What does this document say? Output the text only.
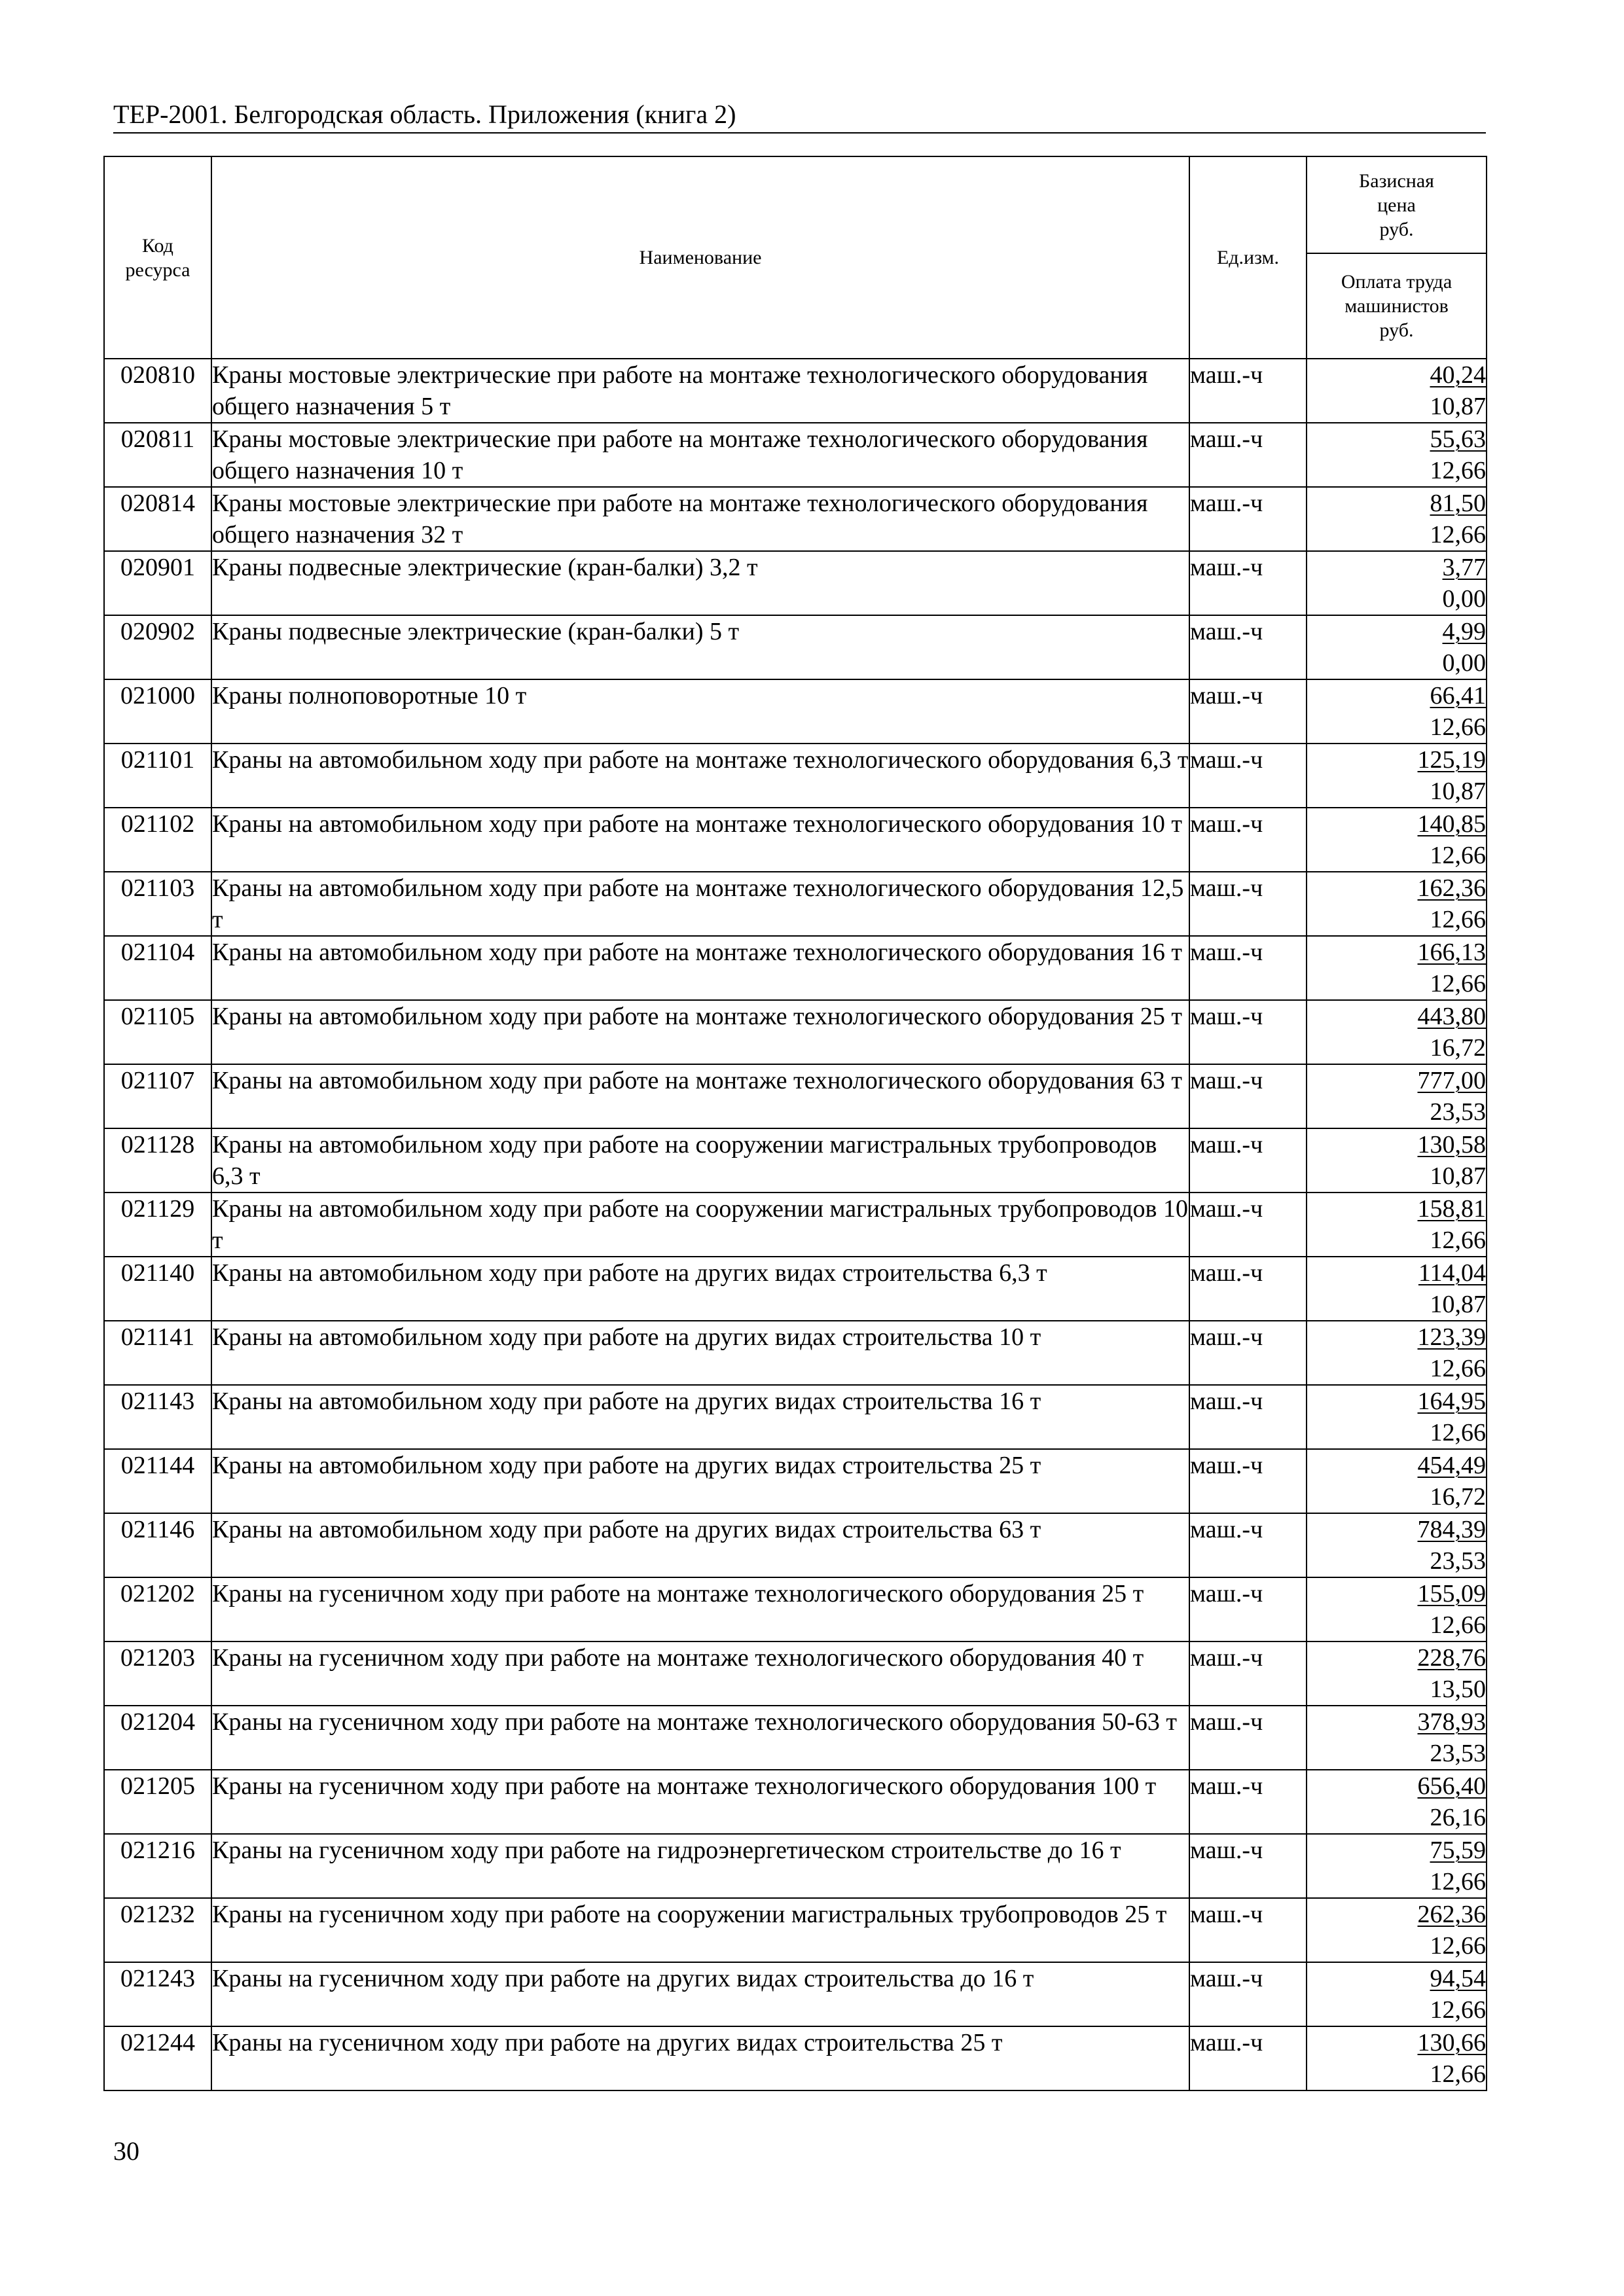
ТЕР-2001. Белгородская область. Приложения (книга 2)
Код
ресурса	Наименование	Ед.изм.	Базисная
цена
руб.
			Оплата труда
машинистов
руб.
020810	Краны мостовые электрические при работе на монтаже технологического оборудования общего назначения 5 т	маш.-ч	40,24
10,87

020811	Краны мостовые электрические при работе на монтаже технологического оборудования общего назначения 10 т	маш.-ч	55,63
12,66

020814	Краны мостовые электрические при работе на монтаже технологического оборудования общего назначения 32 т	маш.-ч	81,50
12,66

020901	Краны подвесные электрические (кран-балки) 3,2 т	маш.-ч	3,77
0,00

020902	Краны подвесные электрические (кран-балки) 5 т	маш.-ч	4,99
0,00

021000	Краны полноповоротные 10 т	маш.-ч	66,41
12,66

021101	Краны на автомобильном ходу при работе на монтаже технологического оборудования 6,3 т	маш.-ч	125,19
10,87

021102	Краны на автомобильном ходу при работе на монтаже технологического оборудования 10 т	маш.-ч	140,85
12,66

021103	Краны на автомобильном ходу при работе на монтаже технологического оборудования 12,5 т	маш.-ч	162,36
12,66

021104	Краны на автомобильном ходу при работе на монтаже технологического оборудования 16 т	маш.-ч	166,13
12,66

021105	Краны на автомобильном ходу при работе на монтаже технологического оборудования 25 т	маш.-ч	443,80
16,72

021107	Краны на автомобильном ходу при работе на монтаже технологического оборудования 63 т	маш.-ч	777,00
23,53

021128	Краны на автомобильном ходу при работе на сооружении магистральных трубопроводов 6,3 т	маш.-ч	130,58
10,87

021129	Краны на автомобильном ходу при работе на сооружении магистральных трубопроводов 10 т	маш.-ч	158,81
12,66

021140	Краны на автомобильном ходу при работе на других видах строительства 6,3 т	маш.-ч	114,04
10,87

021141	Краны на автомобильном ходу при работе на других видах строительства 10 т	маш.-ч	123,39
12,66

021143	Краны на автомобильном ходу при работе на других видах строительства 16 т	маш.-ч	164,95
12,66

021144	Краны на автомобильном ходу при работе на других видах строительства 25 т	маш.-ч	454,49
16,72

021146	Краны на автомобильном ходу при работе на других видах строительства 63 т	маш.-ч	784,39
23,53

021202	Краны на гусеничном ходу при работе на монтаже технологического оборудования 25 т	маш.-ч	155,09
12,66

021203	Краны на гусеничном ходу при работе на монтаже технологического оборудования 40 т	маш.-ч	228,76
13,50

021204	Краны на гусеничном ходу при работе на монтаже технологического оборудования 50-63 т	маш.-ч	378,93
23,53

021205	Краны на гусеничном ходу при работе на монтаже технологического оборудования 100 т	маш.-ч	656,40
26,16

021216	Краны на гусеничном ходу при работе на гидроэнергетическом строительстве до 16 т	маш.-ч	75,59
12,66

021232	Краны на гусеничном ходу при работе на сооружении магистральных трубопроводов 25 т	маш.-ч	262,36
12,66

021243	Краны на гусеничном ходу при работе на других видах строительства до 16 т	маш.-ч	94,54
12,66

021244	Краны на гусеничном ходу при работе на других видах строительства 25 т	маш.-ч	130,66
12,66
30
